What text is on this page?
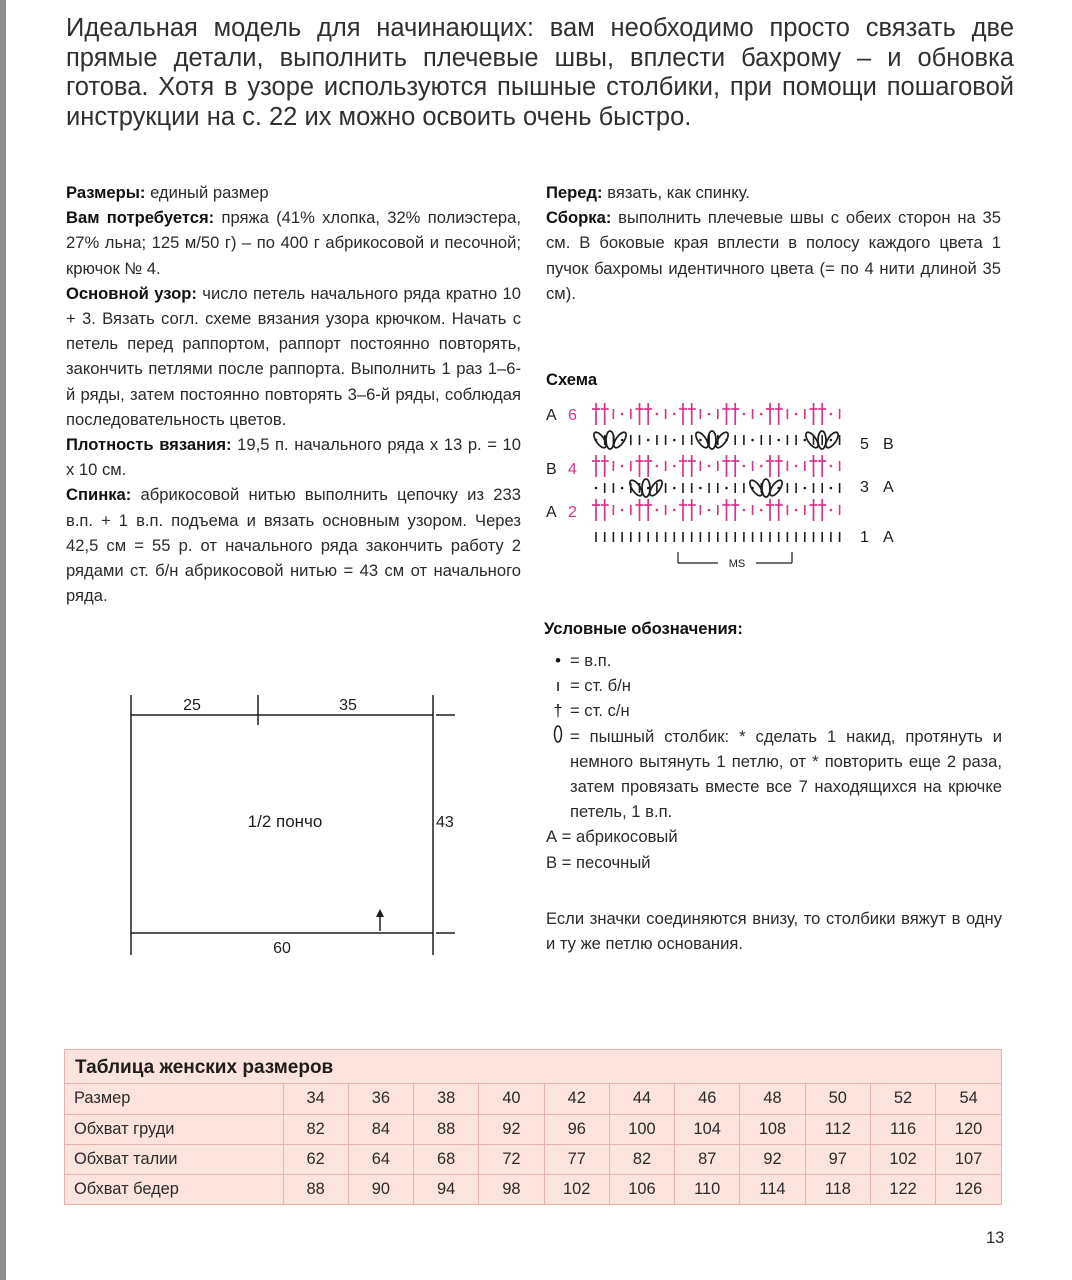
Идеальная модель для начинающих: вам необходимо просто связать две прямые детали, выполнить плечевые швы, вплести бахрому – и обновка готова. Хотя в узоре используются пышные столбики, при помощи пошаговой инструкции на с. 22 их можно освоить очень быстро.

Размеры: единый размер

Вам потребуется: пряжа (41% хлопка, 32% полиэстера, 27% льна; 125 м/50 г) – по 400 г абрикосовой и песочной; крючок № 4.

Основной узор: число петель начального ряда кратно 10 + 3. Вязать согл. схеме вязания узора крючком. Начать с петель перед раппортом, раппорт постоянно повторять, закончить петлями после раппорта. Выполнить 1 раз 1–6-й ряды, затем постоянно повторять 3–6-й ряды, соблюдая последовательность цветов.

Плотность вязания: 19,5 п. начального ряда х 13 р. = 10 х 10 см.

Спинка: абрикосовой нитью выполнить цепочку из 233 в.п. + 1 в.п. подъема и вязать основным узором. Через 42,5 см = 55 р. от начального ряда закончить работу 2 рядами ст. б/н абрикосовой нитью = 43 см от начального ряда.

Перед: вязать, как спинку.

Сборка: выполнить плечевые швы с обеих сторон на 35 см. В боковые края вплести в полосу каждого цвета 1 пучок бахромы идентичного цвета (= по 4 нити длиной 35 см).

Схема
A 6
5 B
B 4
3 A
A 2
1 A
MS
Условные обозначения:
• = в.п.
ı = ст. б/н
† = ст. с/н
= пышный столбик: * сделать 1 накид, протянуть и немного вытянуть 1 петлю, от * повторить еще 2 раза, затем провязать вместе все 7 находящихся на крючке петель, 1 в.п.
А = абрикосовый
В = песочный

Если значки соединяются внизу, то столбики вяжут в одну и ту же петлю основания.

25	35
43
60
1/2 пончо
Таблица женских размеров
Размер	34	36	38	40	42	44	46	48	50	52	54
Обхват груди	82	84	88	92	96	100	104	108	112	116	120
Обхват талии	62	64	68	72	77	82	87	92	97	102	107
Обхват бедер	88	90	94	98	102	106	110	114	118	122	126
13
